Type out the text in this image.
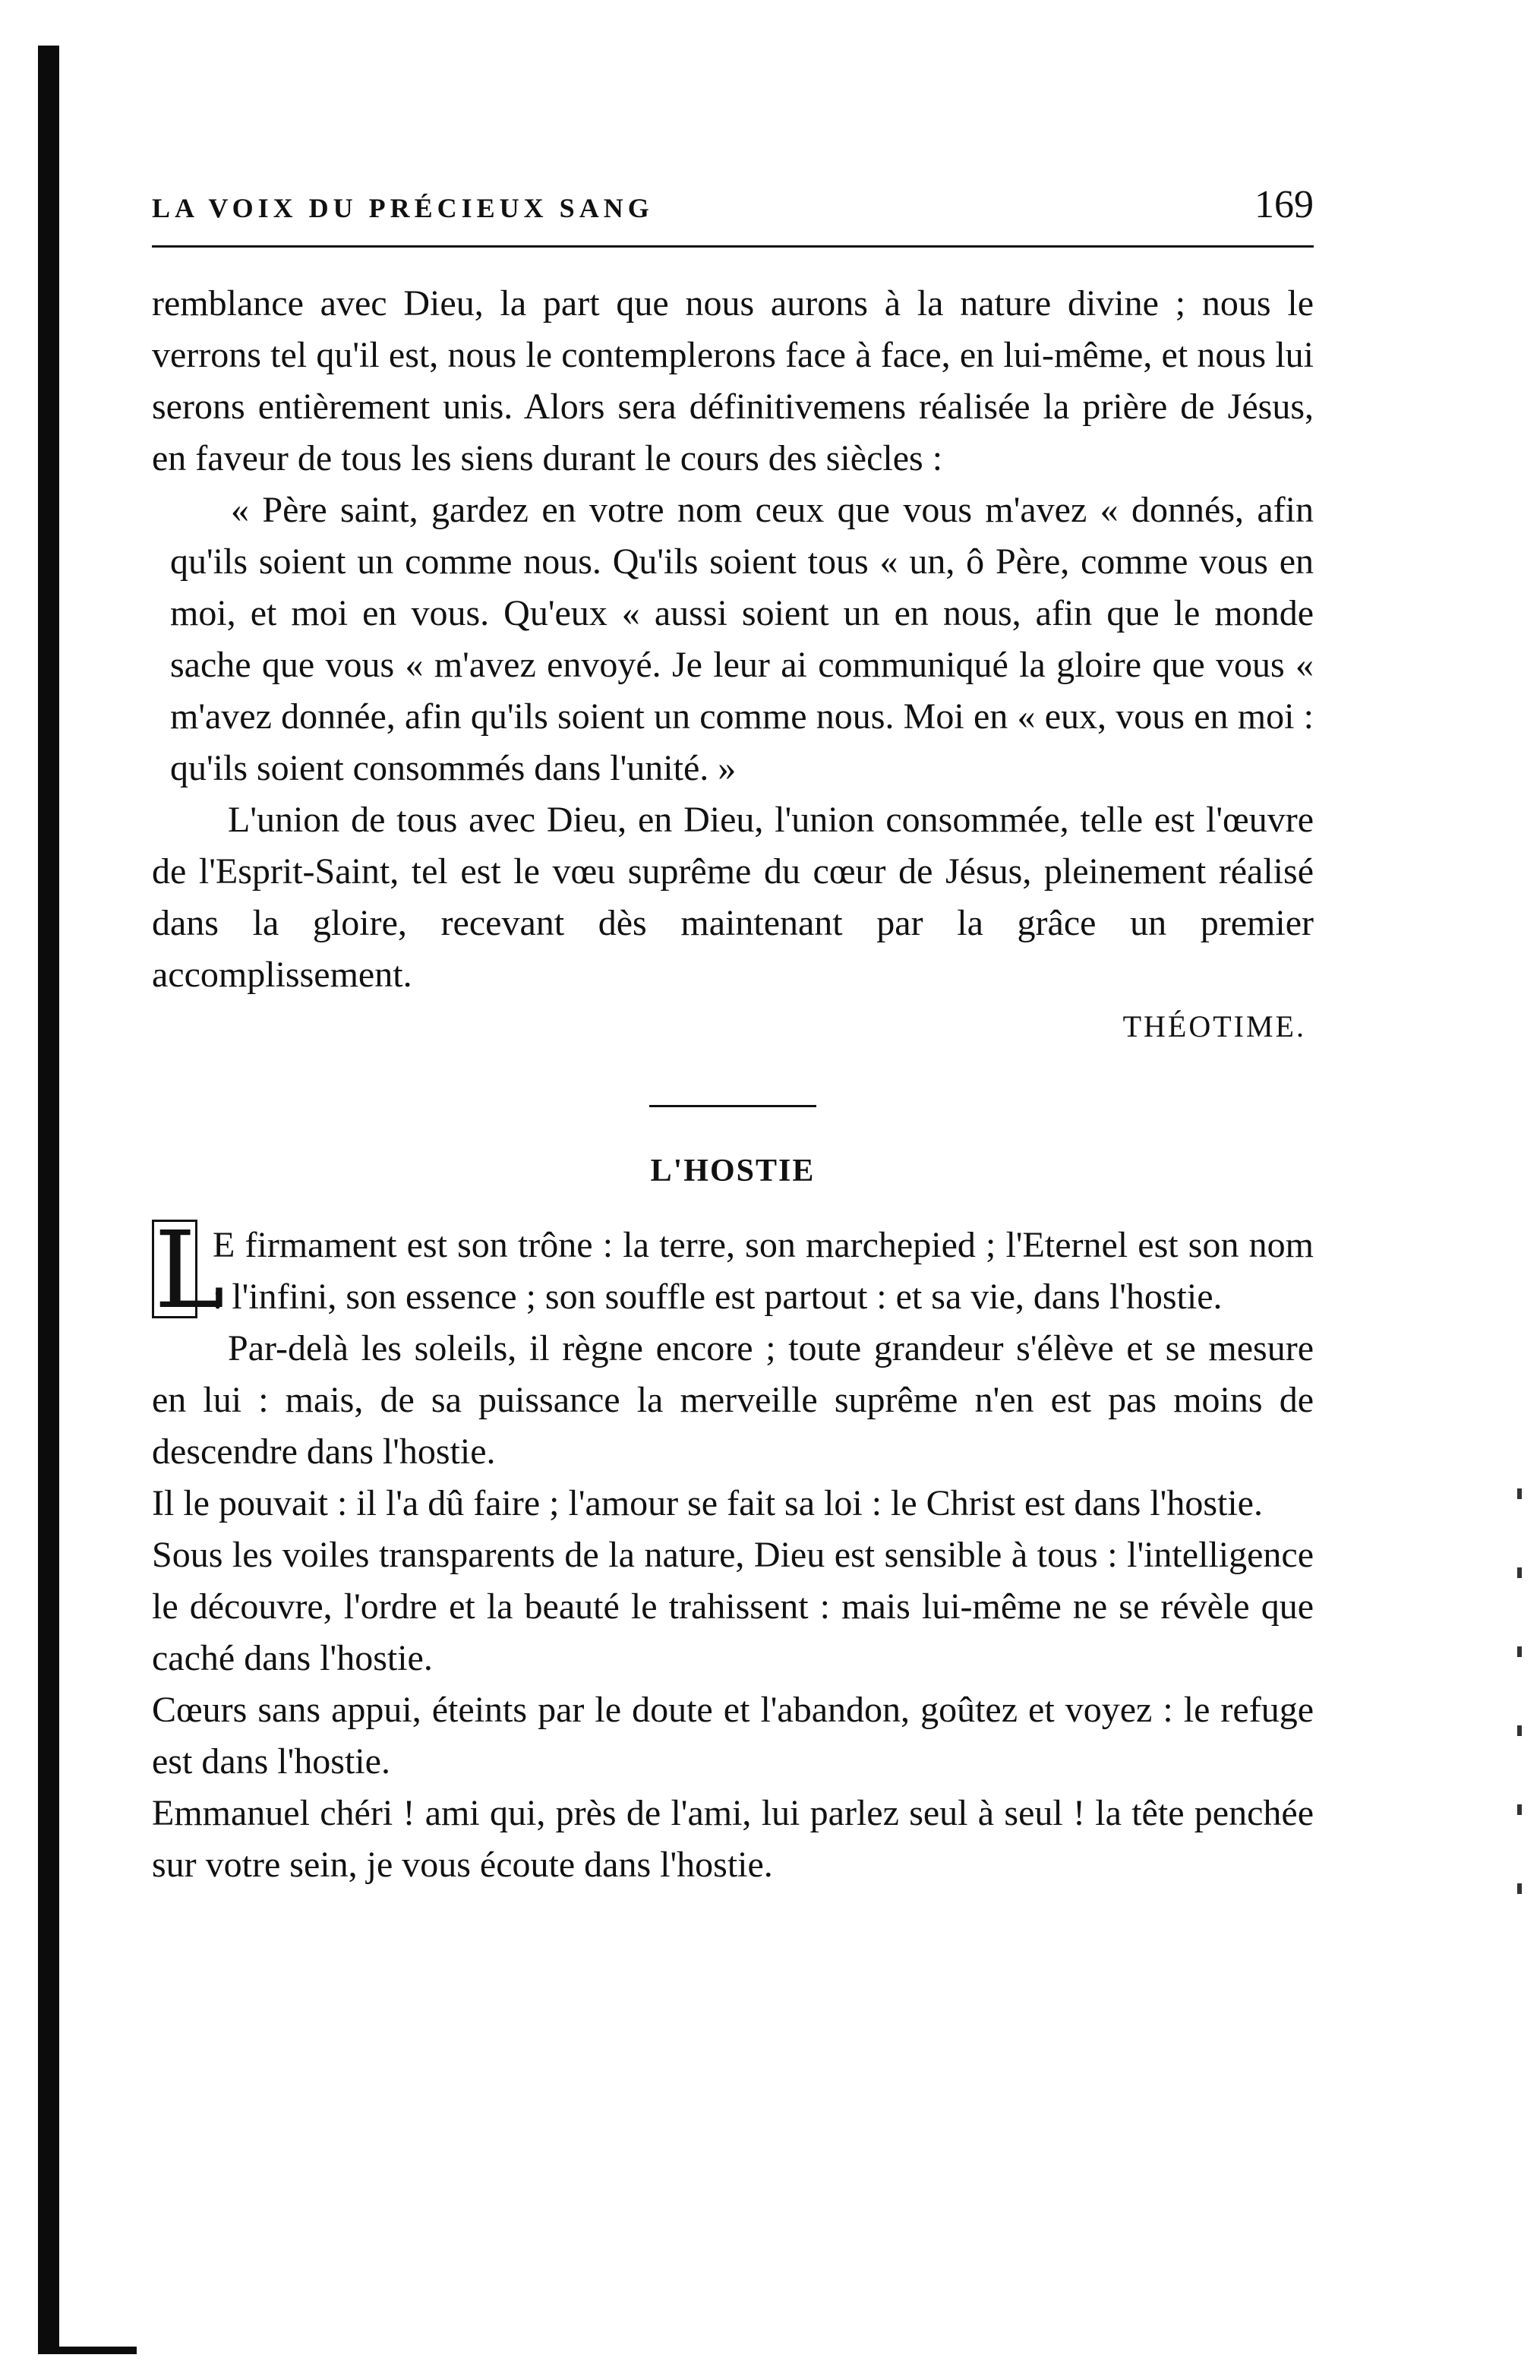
LA VOIX DU PRÉCIEUX SANG	169

remblance avec Dieu, la part que nous aurons à la nature divine ; nous le verrons tel qu'il est, nous le contemplerons face à face, en lui-même, et nous lui serons entièrement unis. Alors sera définitivemens réalisée la prière de Jésus, en faveur de tous les siens durant le cours des siècles :

« Père saint, gardez en votre nom ceux que vous m'avez « donnés, afin qu'ils soient un comme nous. Qu'ils soient tous « un, ô Père, comme vous en moi, et moi en vous. Qu'eux « aussi soient un en nous, afin que le monde sache que vous « m'avez envoyé. Je leur ai communiqué la gloire que vous « m'avez donnée, afin qu'ils soient un comme nous. Moi en « eux, vous en moi : qu'ils soient consommés dans l'unité. »

L'union de tous avec Dieu, en Dieu, l'union consommée, telle est l'œuvre de l'Esprit-Saint, tel est le vœu suprême du cœur de Jésus, pleinement réalisé dans la gloire, recevant dès maintenant par la grâce un premier accomplissement.

THÉOTIME.
L'HOSTIE
L

E firmament est son trône : la terre, son marchepied ; l'Eternel est son nom : l'infini, son essence ; son souffle est partout : et sa vie, dans l'hostie.

Par-delà les soleils, il règne encore ; toute grandeur s'élève et se mesure en lui : mais, de sa puissance la merveille suprême n'en est pas moins de descendre dans l'hostie.

Il le pouvait : il l'a dû faire ; l'amour se fait sa loi : le Christ est dans l'hostie.

Sous les voiles transparents de la nature, Dieu est sensible à tous : l'intelligence le découvre, l'ordre et la beauté le trahissent : mais lui-même ne se révèle que caché dans l'hostie.

Cœurs sans appui, éteints par le doute et l'abandon, goûtez et voyez : le refuge est dans l'hostie.

Emmanuel chéri ! ami qui, près de l'ami, lui parlez seul à seul ! la tête penchée sur votre sein, je vous écoute dans l'hostie.
